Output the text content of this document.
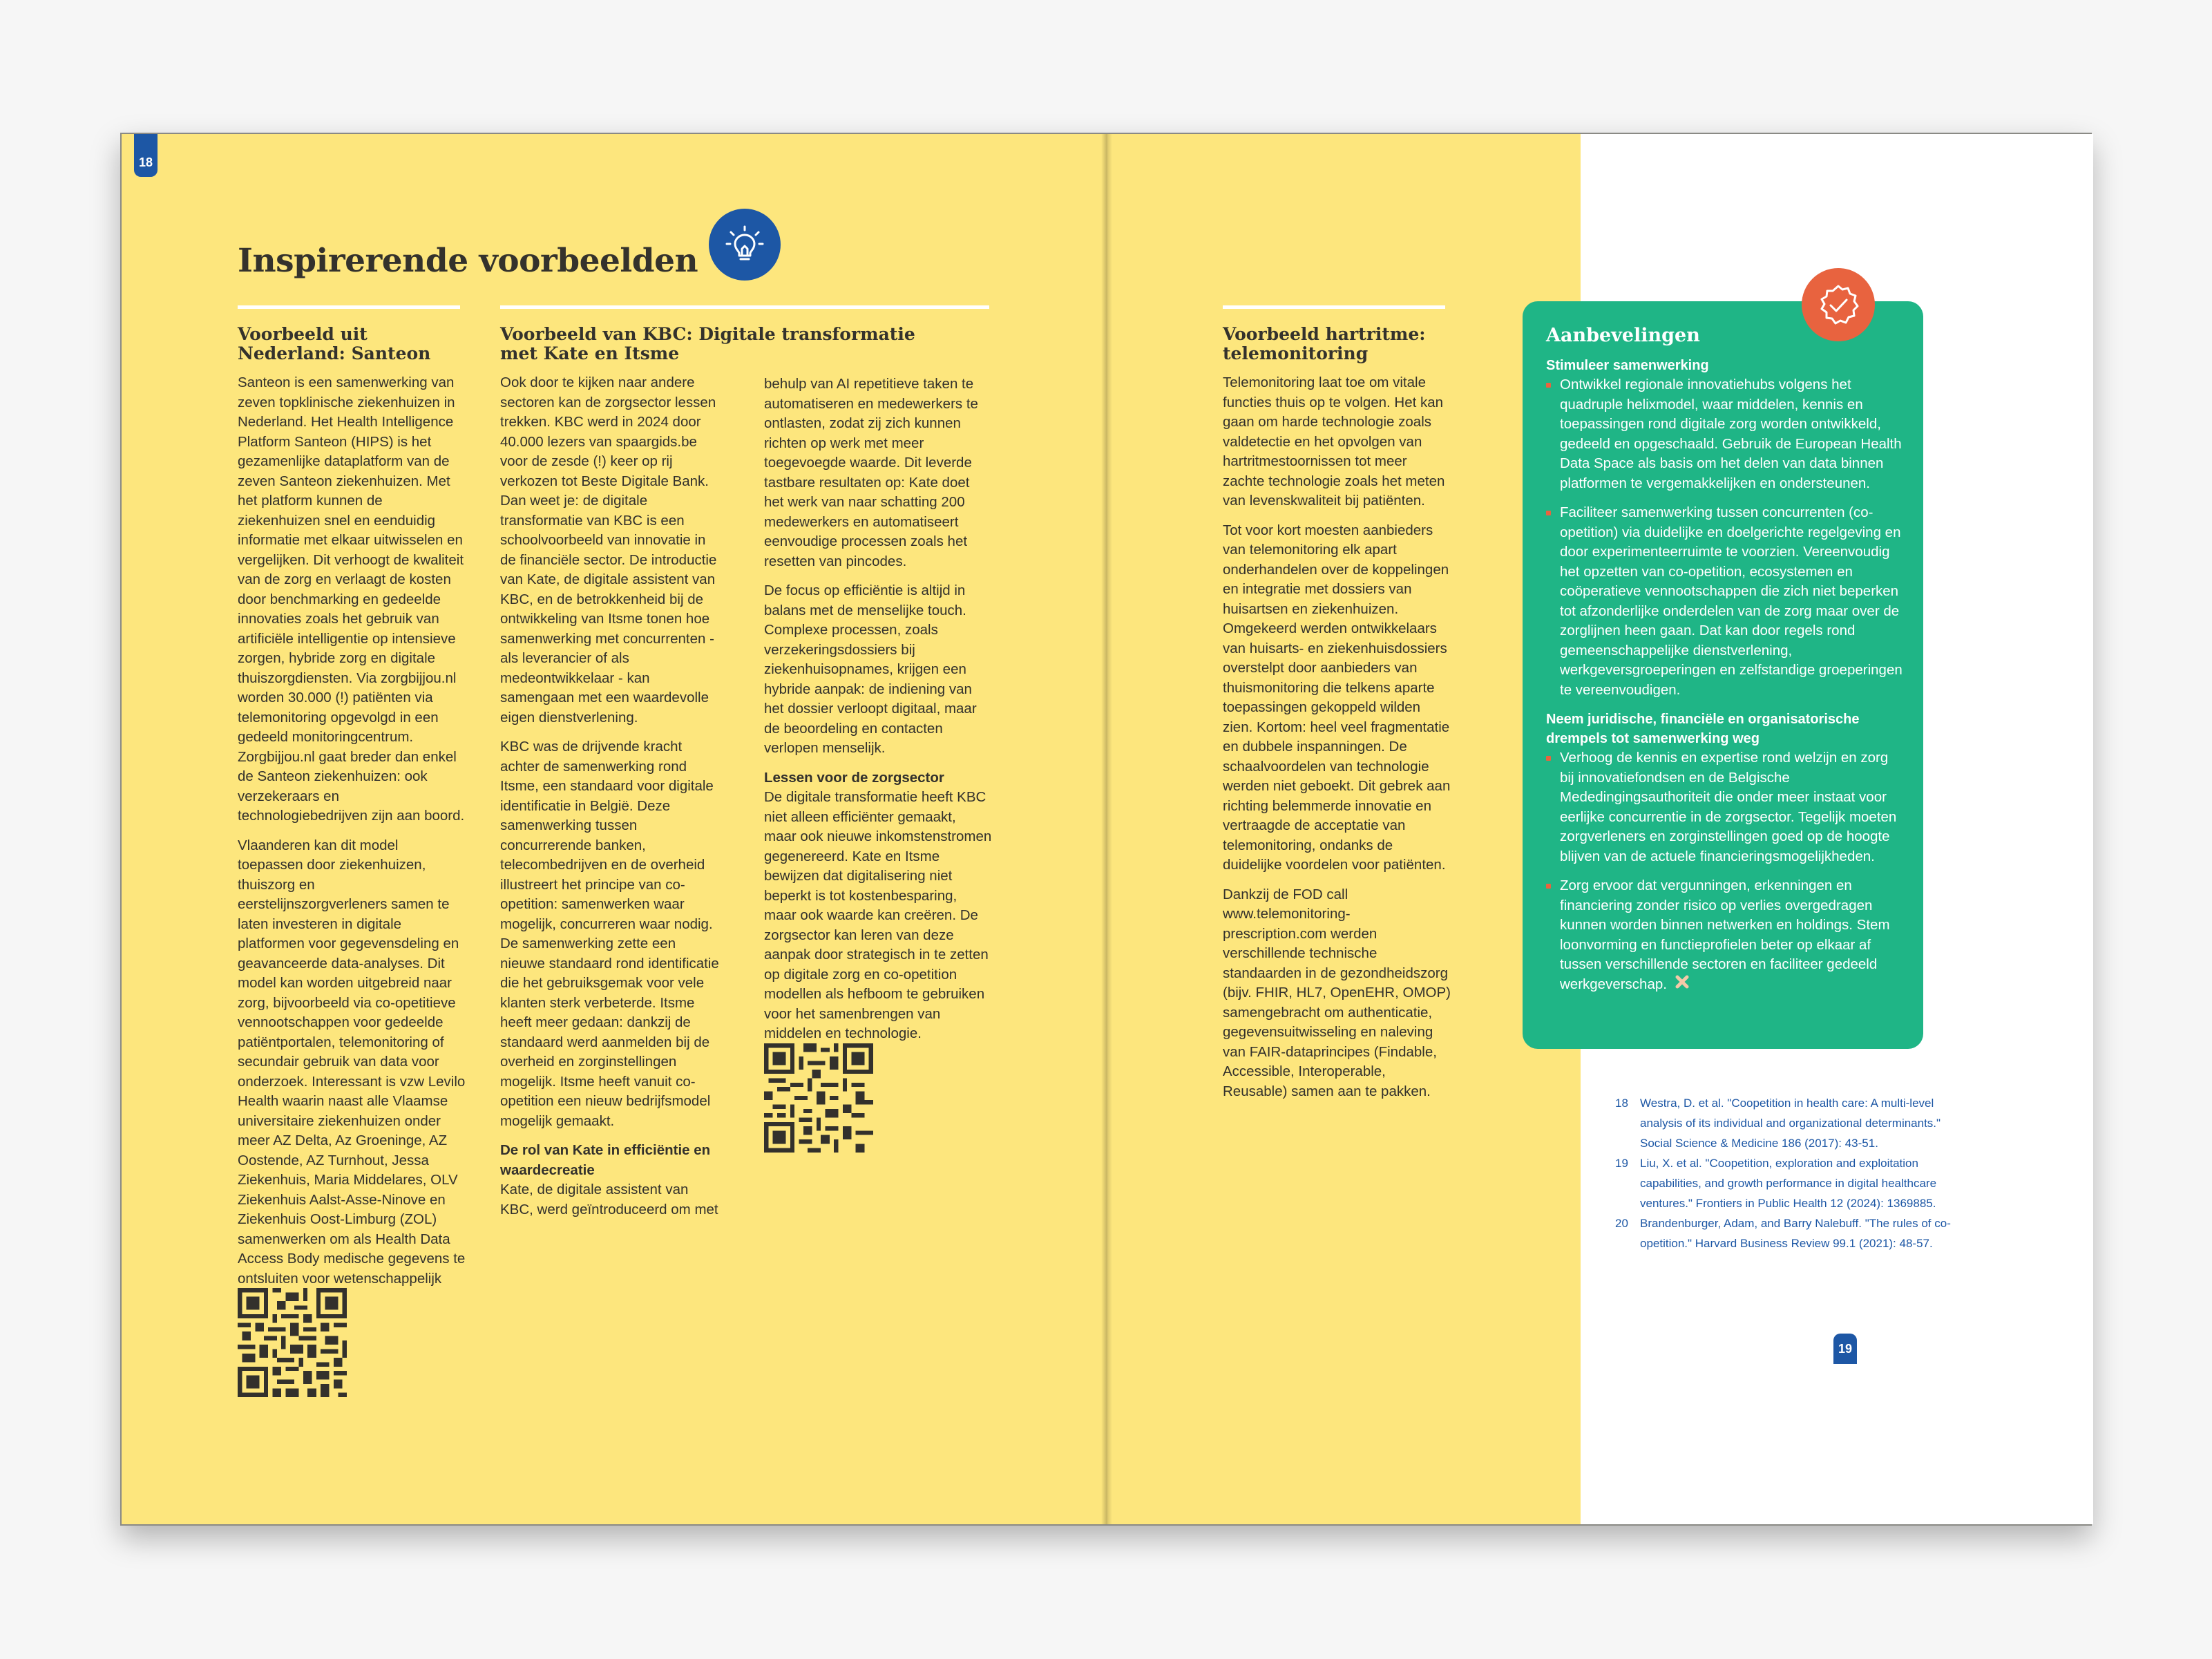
18
19
Inspirerende voorbeelden
Voorbeeld uit Nederland: Santeon

Santeon is een samenwerking van zeven topklinische ziekenhuizen in Nederland. Het Health Intelligence Platform Santeon (HIPS) is het gezamenlijke dataplatform van de zeven Santeon ziekenhuizen. Met het platform kunnen de ziekenhuizen snel en eenduidig informatie met elkaar uitwisselen en vergelijken. Dit verhoogt de kwaliteit van de zorg en verlaagt de kosten door benchmarking en gedeelde innovaties zoals het gebruik van artificiële intelligentie op intensieve zorgen, hybride zorg en digitale thuiszorgdiensten. Via zorgbijjou.nl worden 30.000 (!) patiënten via telemonitoring opgevolgd in een gedeeld monitoringcentrum. Zorgbijjou.nl gaat breder dan enkel de Santeon ziekenhuizen: ook verzekeraars en technologiebedrijven zijn aan boord.

Vlaanderen kan dit model toepassen door ziekenhuizen, thuiszorg en eerstelijnszorgverleners samen te laten investeren in digitale platformen voor gegevensdeling en geavanceerde data-analyses. Dit model kan worden uitgebreid naar zorg, bijvoorbeeld via co-opetitieve vennootschappen voor gedeelde patiëntportalen, telemonitoring of secundair gebruik van data voor onderzoek. Interessant is vzw Levilo Health waarin naast alle Vlaamse universitaire ziekenhuizen onder meer AZ Delta, Az Groeninge, AZ Oostende, AZ Turnhout, Jessa Ziekenhuis, Maria Middelares, OLV Ziekenhuis Aalst-Asse-Ninove en Ziekenhuis Oost-Limburg (ZOL) samenwerken om als Health Data Access Body medische gegevens te ontsluiten voor wetenschappelijk

Voorbeeld van KBC: Digitale transformatie met Kate en Itsme

Ook door te kijken naar andere sectoren kan de zorgsector lessen trekken. KBC werd in 2024 door 40.000 lezers van spaargids.be voor de zesde (!) keer op rij verkozen tot Beste Digitale Bank. Dan weet je: de digitale transformatie van KBC is een schoolvoorbeeld van innovatie in de financiële sector. De introductie van Kate, de digitale assistent van KBC, en de betrokkenheid bij de ontwikkeling van Itsme tonen hoe samenwerking met concurrenten - als leverancier of als medeontwikkelaar - kan samengaan met een waardevolle eigen dienstverlening.

KBC was de drijvende kracht achter de samenwerking rond Itsme, een standaard voor digitale identificatie in België. Deze samenwerking tussen concurrerende banken, telecombedrijven en de overheid illustreert het principe van co-opetition: samenwerken waar mogelijk, concurreren waar nodig. De samenwerking zette een nieuwe standaard rond identificatie die het gebruiksgemak voor vele klanten sterk verbeterde. Itsme heeft meer gedaan: dankzij de standaard werd aanmelden bij de overheid en zorginstellingen mogelijk. Itsme heeft vanuit co-opetition een nieuw bedrijfsmodel mogelijk gemaakt.

De rol van Kate in efficiëntie en waardecreatie

Kate, de digitale assistent van KBC, werd geïntroduceerd om met

behulp van AI repetitieve taken te automatiseren en medewerkers te ontlasten, zodat zij zich kunnen richten op werk met meer toegevoegde waarde. Dit leverde tastbare resultaten op: Kate doet het werk van naar schatting 200 medewerkers en automatiseert eenvoudige processen zoals het resetten van pincodes.

De focus op efficiëntie is altijd in balans met de menselijke touch. Complexe processen, zoals verzekeringsdossiers bij ziekenhuisopnames, krijgen een hybride aanpak: de indiening van het dossier verloopt digitaal, maar de beoordeling en contacten verlopen menselijk.

Lessen voor de zorgsector

De digitale transformatie heeft KBC niet alleen efficiënter gemaakt, maar ook nieuwe inkomstenstromen gegenereerd. Kate en Itsme bewijzen dat digitalisering niet beperkt is tot kostenbesparing, maar ook waarde kan creëren. De zorgsector kan leren van deze aanpak door strategisch in te zetten op digitale zorg en co-opetition modellen als hefboom te gebruiken voor het samenbrengen van middelen en technologie.

Voorbeeld hartritme: telemonitoring

Telemonitoring laat toe om vitale functies thuis op te volgen. Het kan gaan om harde technologie zoals valdetectie en het opvolgen van hartritmestoornissen tot meer zachte technologie zoals het meten van levenskwaliteit bij patiënten.

Tot voor kort moesten aanbieders van telemonitoring elk apart onderhandelen over de koppelingen en integratie met dossiers van huisartsen en ziekenhuizen. Omgekeerd werden ontwikkelaars van huisarts- en ziekenhuisdossiers overstelpt door aanbieders van thuismonitoring die telkens aparte toepassingen gekoppeld wilden zien. Kortom: heel veel fragmentatie en dubbele inspanningen. De schaalvoordelen van technologie werden niet geboekt. Dit gebrek aan richting belemmerde innovatie en vertraagde de acceptatie van telemonitoring, ondanks de duidelijke voordelen voor patiënten.

Dankzij de FOD call www.telemonitoring-prescription.com werden verschillende technische standaarden in de gezondheidszorg (bijv. FHIR, HL7, OpenEHR, OMOP) samengebracht om authenticatie, gegevensuitwisseling en naleving van FAIR-dataprincipes (Findable, Accessible, Interoperable, Reusable) samen aan te pakken.

Aanbevelingen
Stimuleer samenwerking
Ontwikkel regionale innovatiehubs volgens het quadruple helixmodel, waar middelen, kennis en toepassingen rond digitale zorg worden ontwikkeld, gedeeld en opgeschaald. Gebruik de European Health Data Space als basis om het delen van data binnen platformen te vergemakkelijken en ondersteunen.
Faciliteer samenwerking tussen concurrenten (co-opetition) via duidelijke en doelgerichte regelgeving en door experimenteerruimte te voorzien. Vereenvoudig het opzetten van co-opetition, ecosystemen en coöperatieve vennootschappen die zich niet beperken tot afzonderlijke onderdelen van de zorg maar over de zorglijnen heen gaan. Dat kan door regels rond gemeenschappelijke dienstverlening, werkgeversgroeperingen en zelfstandige groeperingen te vereenvoudigen.
Neem juridische, financiële en organisatorische drempels tot samenwerking weg
Verhoog de kennis en expertise rond welzijn en zorg bij innovatiefondsen en de Belgische Mededingingsauthoriteit die onder meer instaat voor eerlijke concurrentie in de zorgsector. Tegelijk moeten zorgverleners en zorginstellingen goed op de hoogte blijven van de actuele financieringsmogelijkheden.
Zorg ervoor dat vergunningen, erkenningen en financiering zonder risico op verlies overgedragen kunnen worden binnen netwerken en holdings. Stem loonvorming en functieprofielen beter op elkaar af tussen verschillende sectoren en faciliteer gedeeld werkgeverschap.
18	Westra, D. et al. "Coopetition in health care: A multi-level analysis of its individual and organizational determinants." Social Science & Medicine 186 (2017): 43-51.
19	Liu, X. et al. "Coopetition, exploration and exploitation capabilities, and growth performance in digital healthcare ventures." Frontiers in Public Health 12 (2024): 1369885.
20	Brandenburger, Adam, and Barry Nalebuff. "The rules of co-opetition." Harvard Business Review 99.1 (2021): 48-57.
